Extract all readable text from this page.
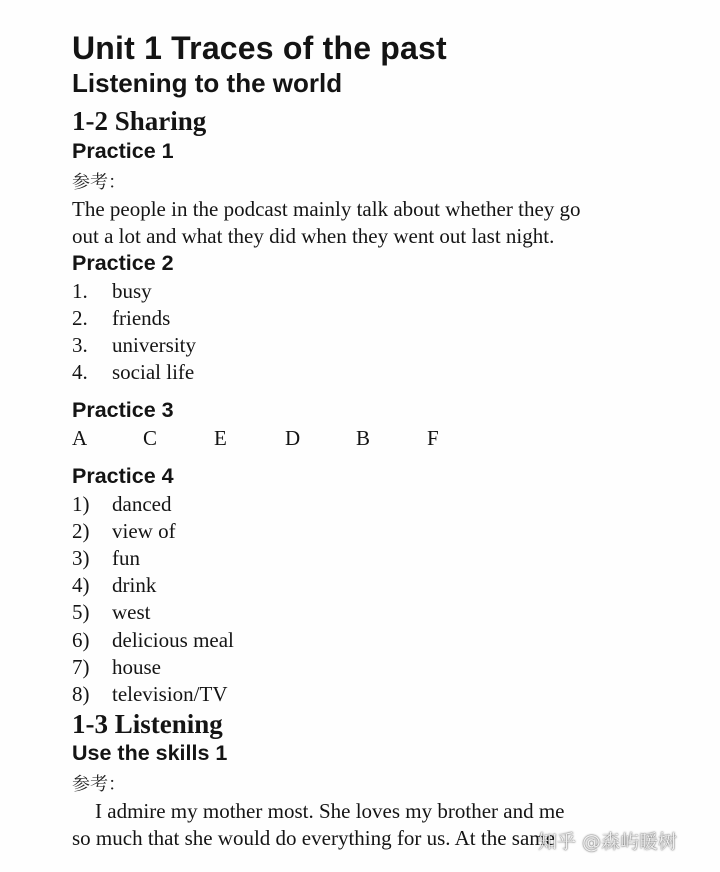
Unit 1 Traces of the past
Listening to the world
1-2 Sharing
Practice 1
参考：
The people in the podcast mainly talk about whether they go
out a lot and what they did when they went out last night.
Practice 2
1. busy
2. friends
3. university
4. social life
Practice 3
A	C	E	D	B	F
Practice 4
1) danced
2) view of
3) fun
4) drink
5) west
6) delicious meal
7) house
8) television/TV
1-3 Listening
Use the skills 1
参考：
I admire my mother most. She loves my brother and me
so much that she would do everything for us. At the same
知乎 @森屿暖树
